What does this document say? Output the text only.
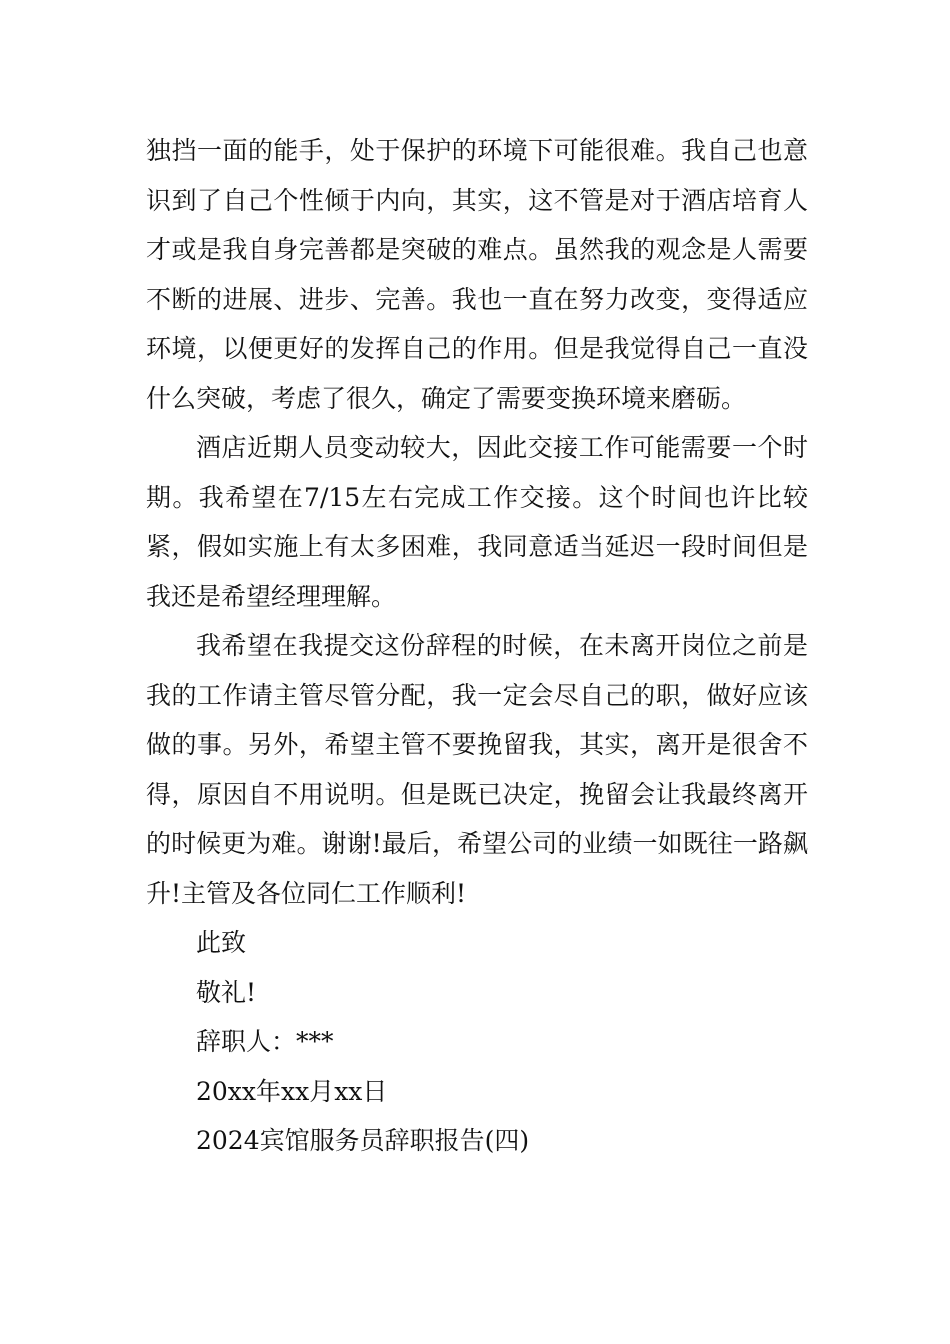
独挡一面的能手，处于保护的环境下可能很难。我自己也意识到了自己个性倾于内向，其实，这不管是对于酒店培育人才或是我自身完善都是突破的难点。虽然我的观念是人需要不断的进展、进步、完善。我也一直在努力改变，变得适应环境，以便更好的发挥自己的作用。但是我觉得自己一直没什么突破，考虑了很久，确定了需要变换环境来磨砺。

酒店近期人员变动较大，因此交接工作可能需要一个时期。我希望在7/15左右完成工作交接。这个时间也许比较紧，假如实施上有太多困难，我同意适当延迟一段时间但是我还是希望经理理解。

我希望在我提交这份辞程的时候，在未离开岗位之前是我的工作请主管尽管分配，我一定会尽自己的职，做好应该做的事。另外，希望主管不要挽留我，其实，离开是很舍不得，原因自不用说明。但是既已决定，挽留会让我最终离开的时候更为难。谢谢!最后，希望公司的业绩一如既往一路飙升!主管及各位同仁工作顺利!

此致

敬礼!

辞职人：***

20xx年xx月xx日

2024宾馆服务员辞职报告(四)
